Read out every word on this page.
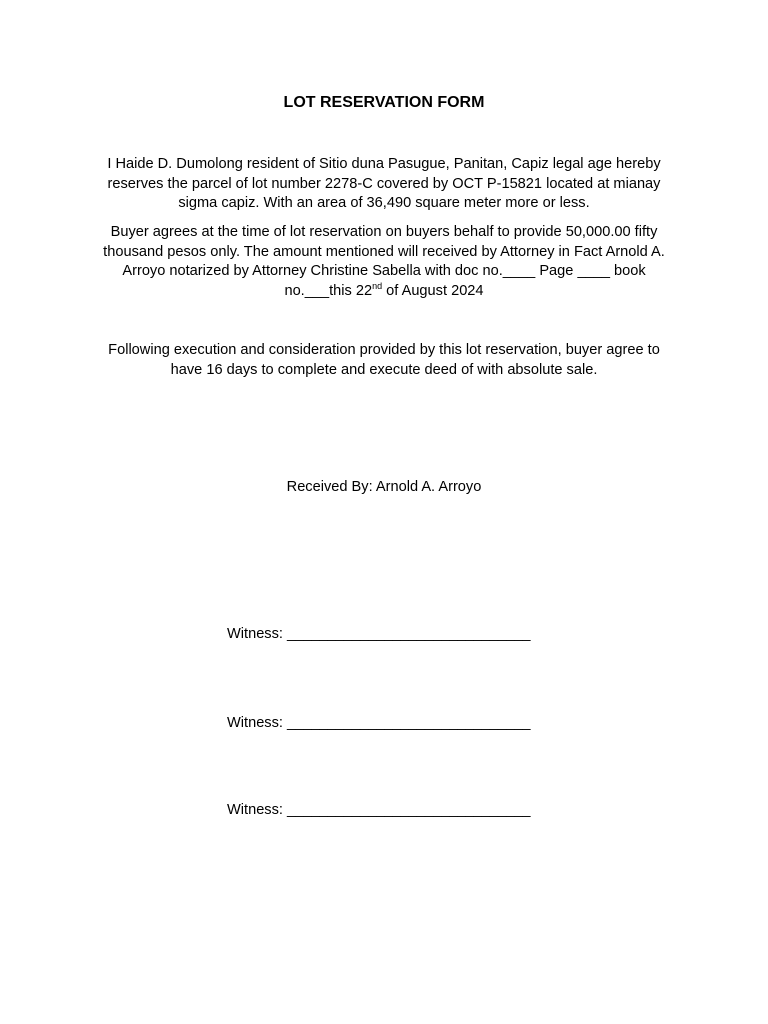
LOT RESERVATION FORM
I Haide D. Dumolong resident of Sitio duna Pasugue, Panitan, Capiz legal age hereby reserves the parcel of lot number 2278-C covered by OCT P-15821 located at mianay sigma capiz. With an area of 36,490 square meter more or less.
Buyer agrees at the time of lot reservation on buyers behalf to provide 50,000.00 fifty thousand pesos only. The amount mentioned will received by Attorney in Fact Arnold A. Arroyo notarized by Attorney Christine Sabella with doc no.____ Page ____ book no.___this 22nd of August 2024
Following execution and consideration provided by this lot reservation, buyer agree to have 16 days to complete and execute deed of with absolute sale.
Received By: Arnold A. Arroyo
Witness: ______________________________
Witness: ______________________________
Witness: ______________________________
